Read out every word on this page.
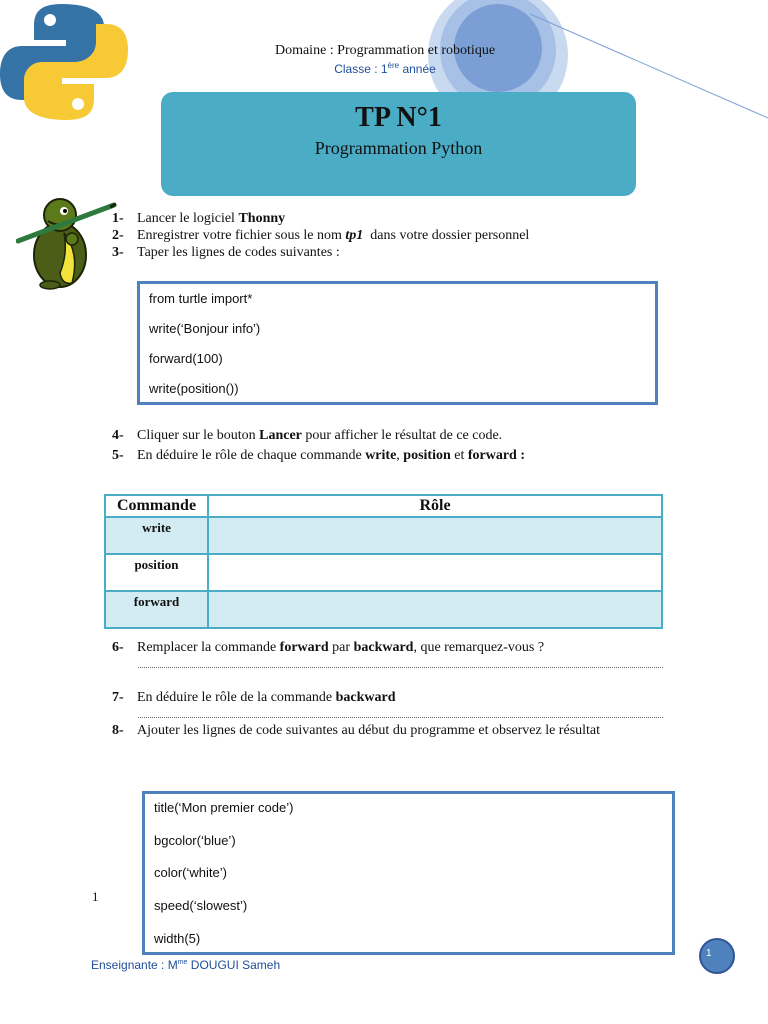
Domaine : Programmation et robotique
Classe : 1ère année
TP N°1
Programmation Python
1- Lancer le logiciel Thonny
2- Enregistrer votre fichier sous le nom tp1  dans votre dossier personnel
3- Taper les lignes de codes suivantes :
from turtle import*
write(‘Bonjour info’)
forward(100)
write(position())
4- Cliquer sur le bouton Lancer pour afficher le résultat de ce code.
5- En déduire le rôle de chaque commande write, position et forward :
Commande	Rôle
write	
position	
forward	
6- Remplacer la commande forward par backward, que remarquez-vous ?
7- En déduire le rôle de la commande backward
8- Ajouter les lignes de code suivantes au début du programme et observez le résultat
title(‘Mon premier code’)
bgcolor(‘blue’)
color(‘white’)
speed(‘slowest’)
width(5)
1
Enseignante : $M^{me}$ DOUGUI Sameh
1
